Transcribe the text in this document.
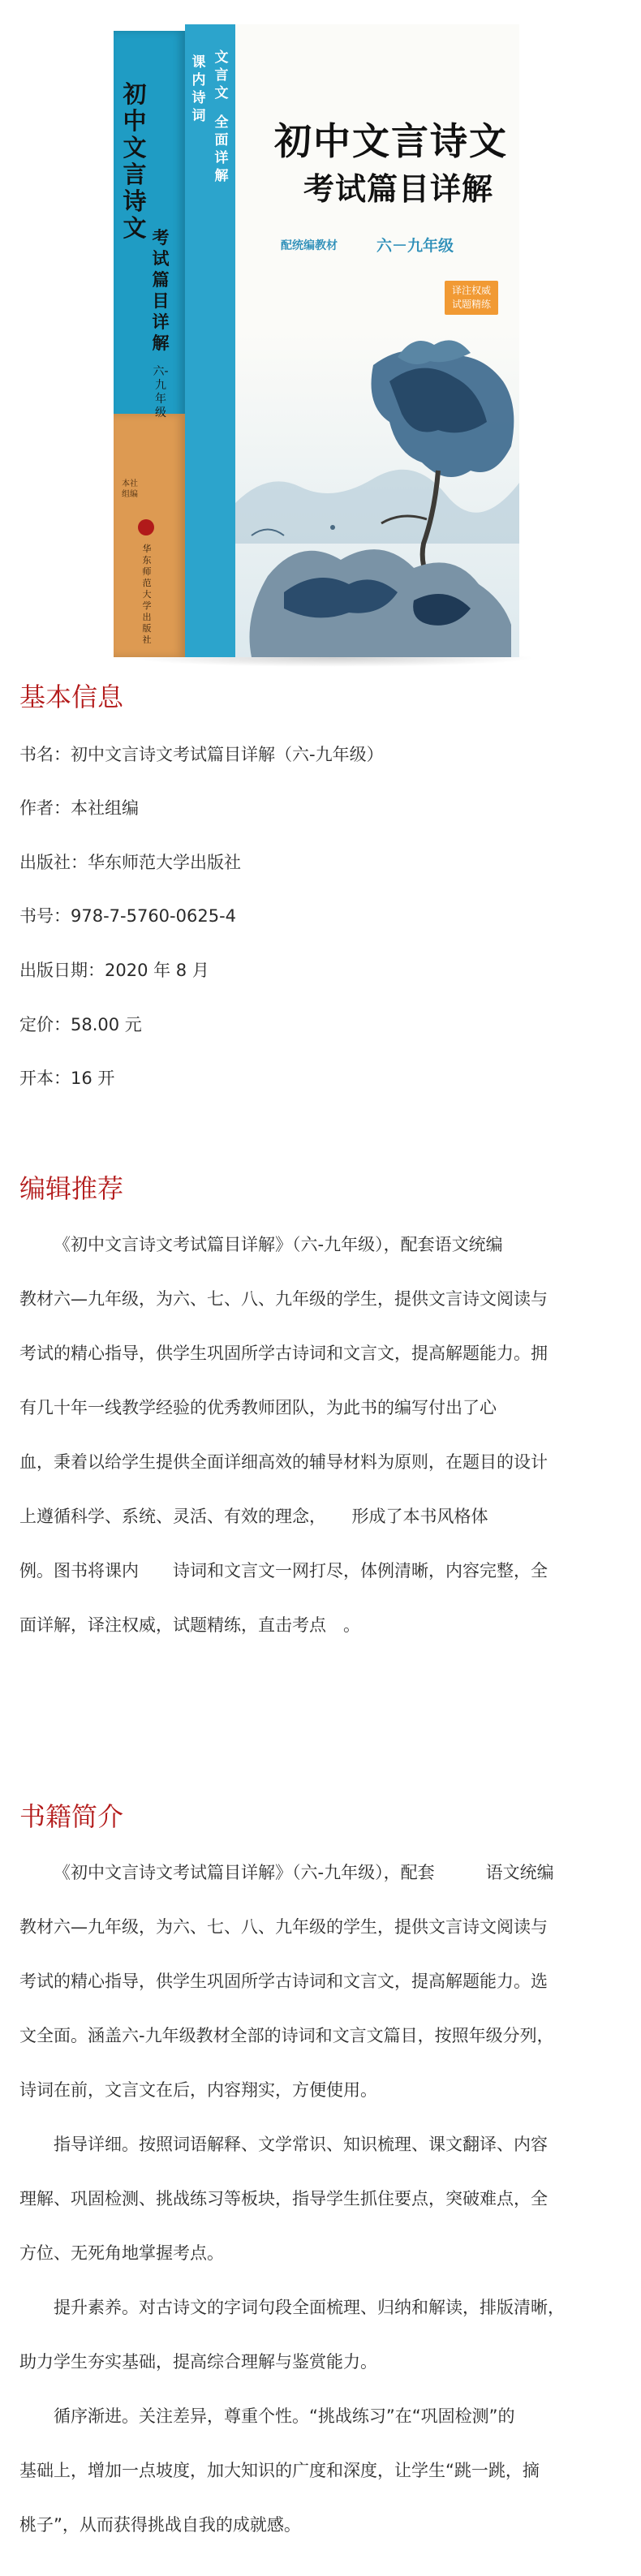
初中文言诗文 考试篇目详解
六-九年级
本社组编
华东师范大学出版社
课内诗词
文言文
全面详解
初中文言诗文
考试篇目详解
配统编教材	六－九年级
译注权威 试题精练
基本信息
书名：初中文言诗文考试篇目详解（六-九年级）
作者：本社组编
出版社：华东师范大学出版社
书号：978-7-5760-0625-4
出版日期：2020 年 8 月
定价：58.00 元
开本：16 开
编辑推荐
《初中文言诗文考试篇目详解》（六-九年级），配套语文统编
教材六—九年级，为六、七、八、九年级的学生，提供文言诗文阅读与
考试的精心指导，供学生巩固所学古诗词和文言文，提高解题能力。拥
有几十年一线教学经验的优秀教师团队，为此书的编写付出了心
血，秉着以给学生提供全面详细高效的辅导材料为原则，在题目的设计
上遵循科学、系统、灵活、有效的理念，　　形成了本书风格体
例。图书将课内　　诗词和文言文一网打尽，体例清晰，内容完整，全
面详解，译注权威，试题精练，直击考点　。
书籍简介
《初中文言诗文考试篇目详解》（六-九年级），配套　　　语文统编
教材六—九年级，为六、七、八、九年级的学生，提供文言诗文阅读与
考试的精心指导，供学生巩固所学古诗词和文言文，提高解题能力。选
文全面。涵盖六-九年级教材全部的诗词和文言文篇目，按照年级分列，
诗词在前，文言文在后，内容翔实，方便使用。
指导详细。按照词语解释、文学常识、知识梳理、课文翻译、内容
理解、巩固检测、挑战练习等板块，指导学生抓住要点，突破难点，全
方位、无死角地掌握考点。
提升素养。对古诗文的字词句段全面梳理、归纳和解读，排版清晰，
助力学生夯实基础，提高综合理解与鉴赏能力。
循序渐进。关注差异，尊重个性。“挑战练习”在“巩固检测”的
基础上，增加一点坡度，加大知识的广度和深度，让学生“跳一跳，摘
桃子”，从而获得挑战自我的成就感。
